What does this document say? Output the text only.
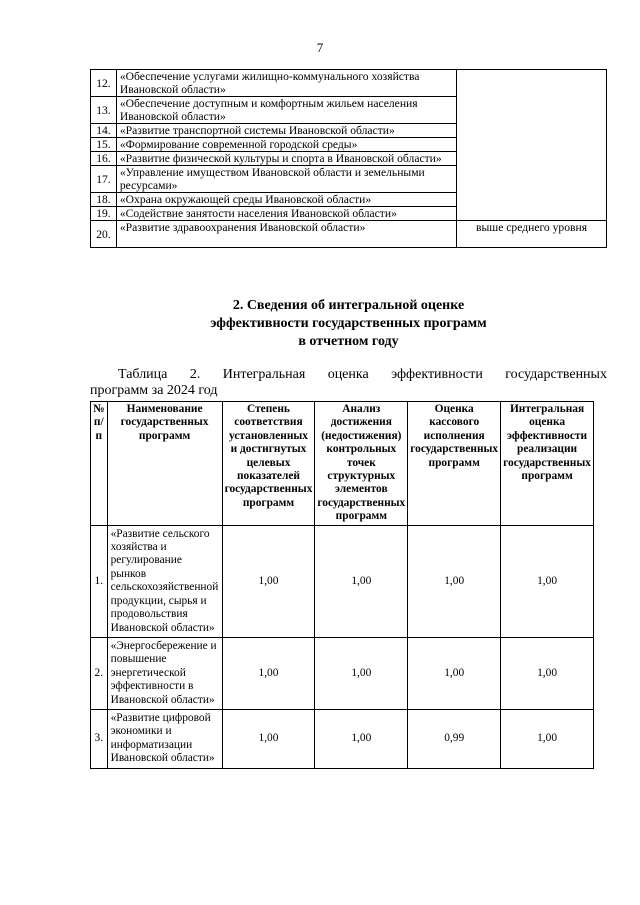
7
12.	«Обеспечение услугами жилищно-коммунального хозяйства Ивановской области»	
13.	«Обеспечение доступным и комфортным жильем населения Ивановской области»	
14.	«Развитие транспортной системы Ивановской области»	
15.	«Формирование современной городской среды»	
16.	«Развитие физической культуры и спорта в Ивановской области»	
17.	«Управление имуществом Ивановской области и земельными ресурсами»	
18.	«Охрана окружающей среды Ивановской области»	
19.	«Содействие занятости населения Ивановской области»	
20.	«Развитие здравоохранения Ивановской области»	выше среднего уровня
2. Сведения об интегральной оценке
эффективности государственных программ
в отчетном году
Таблица 2. Интегральная оценка эффективности государственных
программ за 2024 год
№ п/п	Наименование государственных программ	Степень соответствия установленных и достигнутых целевых показателей государственных программ	Анализ достижения (недостижения) контрольных точек структурных элементов государственных программ	Оценка кассового исполнения государственных программ	Интегральная оценка эффективности реализации государственных программ
1.	«Развитие сельского хозяйства и регулирование рынков сельскохозяйственной продукции, сырья и продовольствия Ивановской области»	1,00	1,00	1,00	1,00
2.	«Энергосбережение и повышение энергетической эффективности в Ивановской области»	1,00	1,00	1,00	1,00
3.	«Развитие цифровой экономики и информатизации Ивановской области»	1,00	1,00	0,99	1,00
